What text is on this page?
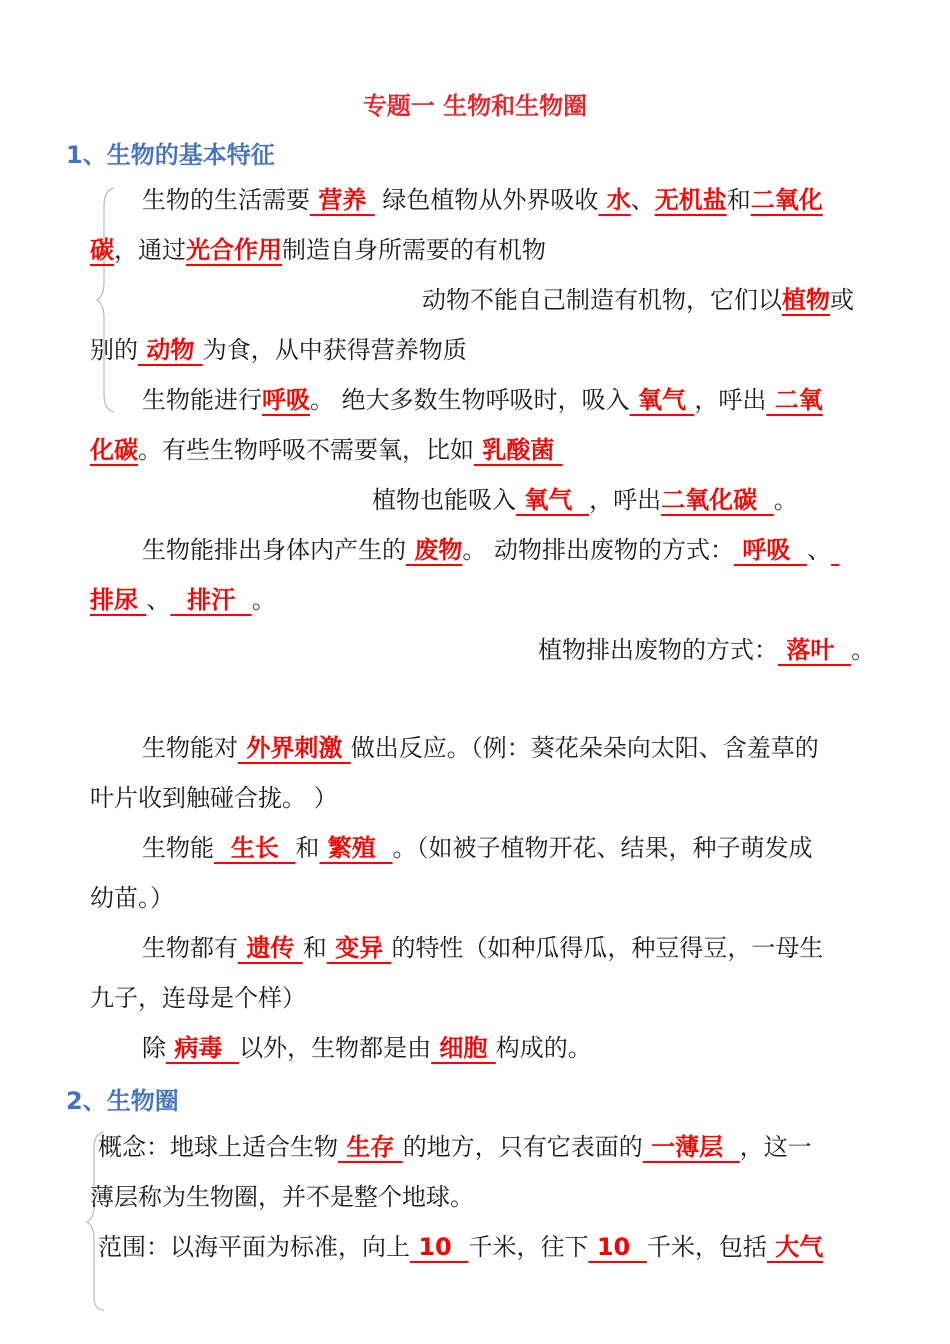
专题一 生物和生物圈
1、生物的基本特征
生物的生活需要 营养  绿色植物从外界吸收 水、无机盐和二氧化
碳，通过光合作用制造自身所需要的有机物
动物不能自己制造有机物，它们以植物或
别的 动物 为食，从中获得营养物质
生物能进行呼吸。 绝大多数生物呼吸时，吸入 氧气 ，呼出 二氧
化碳。有些生物呼吸不需要氧，比如 乳酸菌
植物也能吸入 氧气  ，呼出二氧化碳  。
生物能排出身体内产生的 废物。 动物排出废物的方式： 呼吸  、
排尿 、  排汗  。
植物排出废物的方式： 落叶  。
生物能对 外界刺激 做出反应。（例：葵花朵朵向太阳、含羞草的
叶片收到触碰合拢。 ）
生物能  生长  和 繁殖  。（如被子植物开花、结果，种子萌发成
幼苗。）
生物都有 遗传 和 变异 的特性（如种瓜得瓜，种豆得豆，一母生
九子，连母是个样）
除 病毒  以外，生物都是由 细胞 构成的。
2、生物圈
概念：地球上适合生物 生存 的地方，只有它表面的 一薄层  ，这一
薄层称为生物圈，并不是整个地球。
范围：以海平面为标准，向上 10  千米，往下 10  千米，包括 大气
